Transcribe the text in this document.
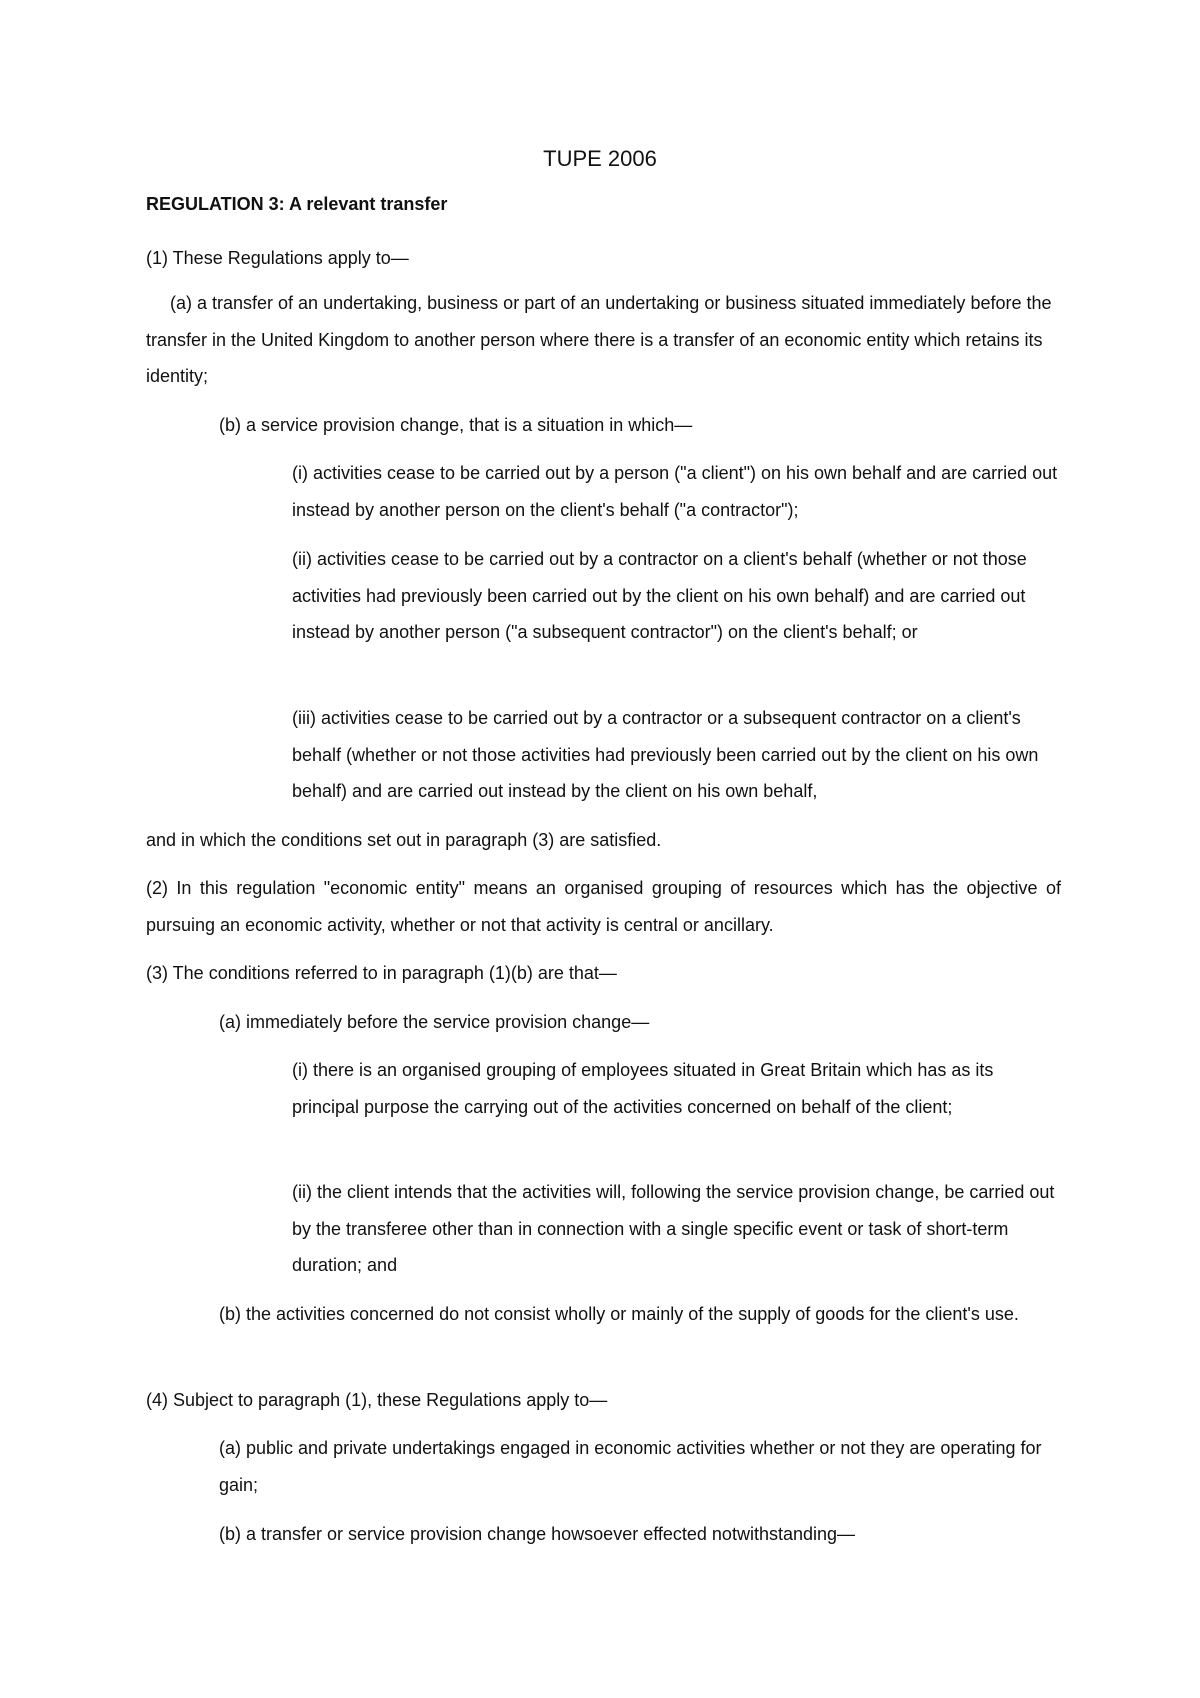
TUPE 2006
REGULATION 3: A relevant transfer

(1) These Regulations apply to—

(a) a transfer of an undertaking, business or part of an undertaking or business situated immediately before the transfer in the United Kingdom to another person where there is a transfer of an economic entity which retains its identity;

(b) a service provision change, that is a situation in which—

(i) activities cease to be carried out by a person ("a client") on his own behalf and are carried out instead by another person on the client's behalf ("a contractor");

(ii) activities cease to be carried out by a contractor on a client's behalf (whether or not those activities had previously been carried out by the client on his own behalf) and are carried out instead by another person ("a subsequent contractor") on the client's behalf; or

(iii) activities cease to be carried out by a contractor or a subsequent contractor on a client's behalf (whether or not those activities had previously been carried out by the client on his own behalf) and are carried out instead by the client on his own behalf,

and in which the conditions set out in paragraph (3) are satisfied.

(2) In this regulation "economic entity" means an organised grouping of resources which has the objective of pursuing an economic activity, whether or not that activity is central or ancillary.

(3) The conditions referred to in paragraph (1)(b) are that—

(a) immediately before the service provision change—

(i) there is an organised grouping of employees situated in Great Britain which has as its principal purpose the carrying out of the activities concerned on behalf of the client;

(ii) the client intends that the activities will, following the service provision change, be carried out by the transferee other than in connection with a single specific event or task of short-term duration; and

(b) the activities concerned do not consist wholly or mainly of the supply of goods for the client's use.

(4) Subject to paragraph (1), these Regulations apply to—

(a) public and private undertakings engaged in economic activities whether or not they are operating for gain;

(b) a transfer or service provision change howsoever effected notwithstanding—
